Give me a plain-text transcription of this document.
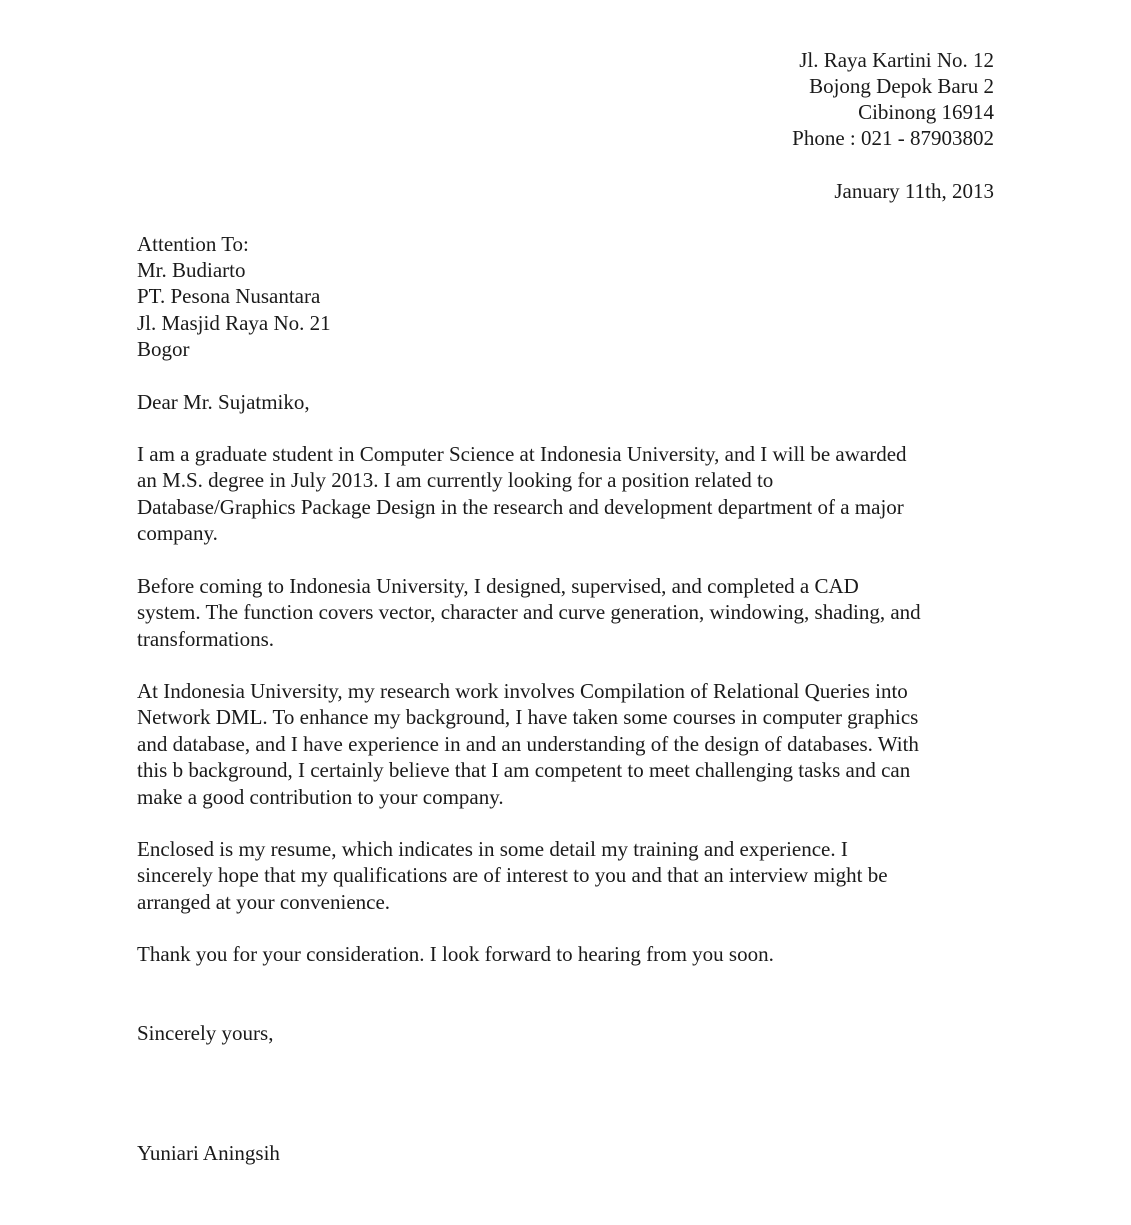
Jl. Raya Kartini No. 12

Bojong Depok Baru 2

Cibinong 16914

Phone : 021 - 87903802

January 11th, 2013

Attention To:

Mr. Budiarto

PT. Pesona Nusantara

Jl. Masjid Raya No. 21

Bogor

Dear Mr. Sujatmiko,

I am a graduate student in Computer Science at Indonesia University, and I will be awarded
an M.S. degree in July 2013. I am currently looking for a position related to
Database/Graphics Package Design in the research and development department of a major
company.
Before coming to Indonesia University, I designed, supervised, and completed a CAD
system. The function covers vector, character and curve generation, windowing, shading, and
transformations.
At Indonesia University, my research work involves Compilation of Relational Queries into
Network DML. To enhance my background, I have taken some courses in computer graphics
and database, and I have experience in and an understanding of the design of databases. With
this b background, I certainly believe that I am competent to meet challenging tasks and can
make a good contribution to your company.
Enclosed is my resume, which indicates in some detail my training and experience. I
sincerely hope that my qualifications are of interest to you and that an interview might be
arranged at your convenience.
Thank you for your consideration. I look forward to hearing from you soon.

Sincerely yours,

Yuniari Aningsih
